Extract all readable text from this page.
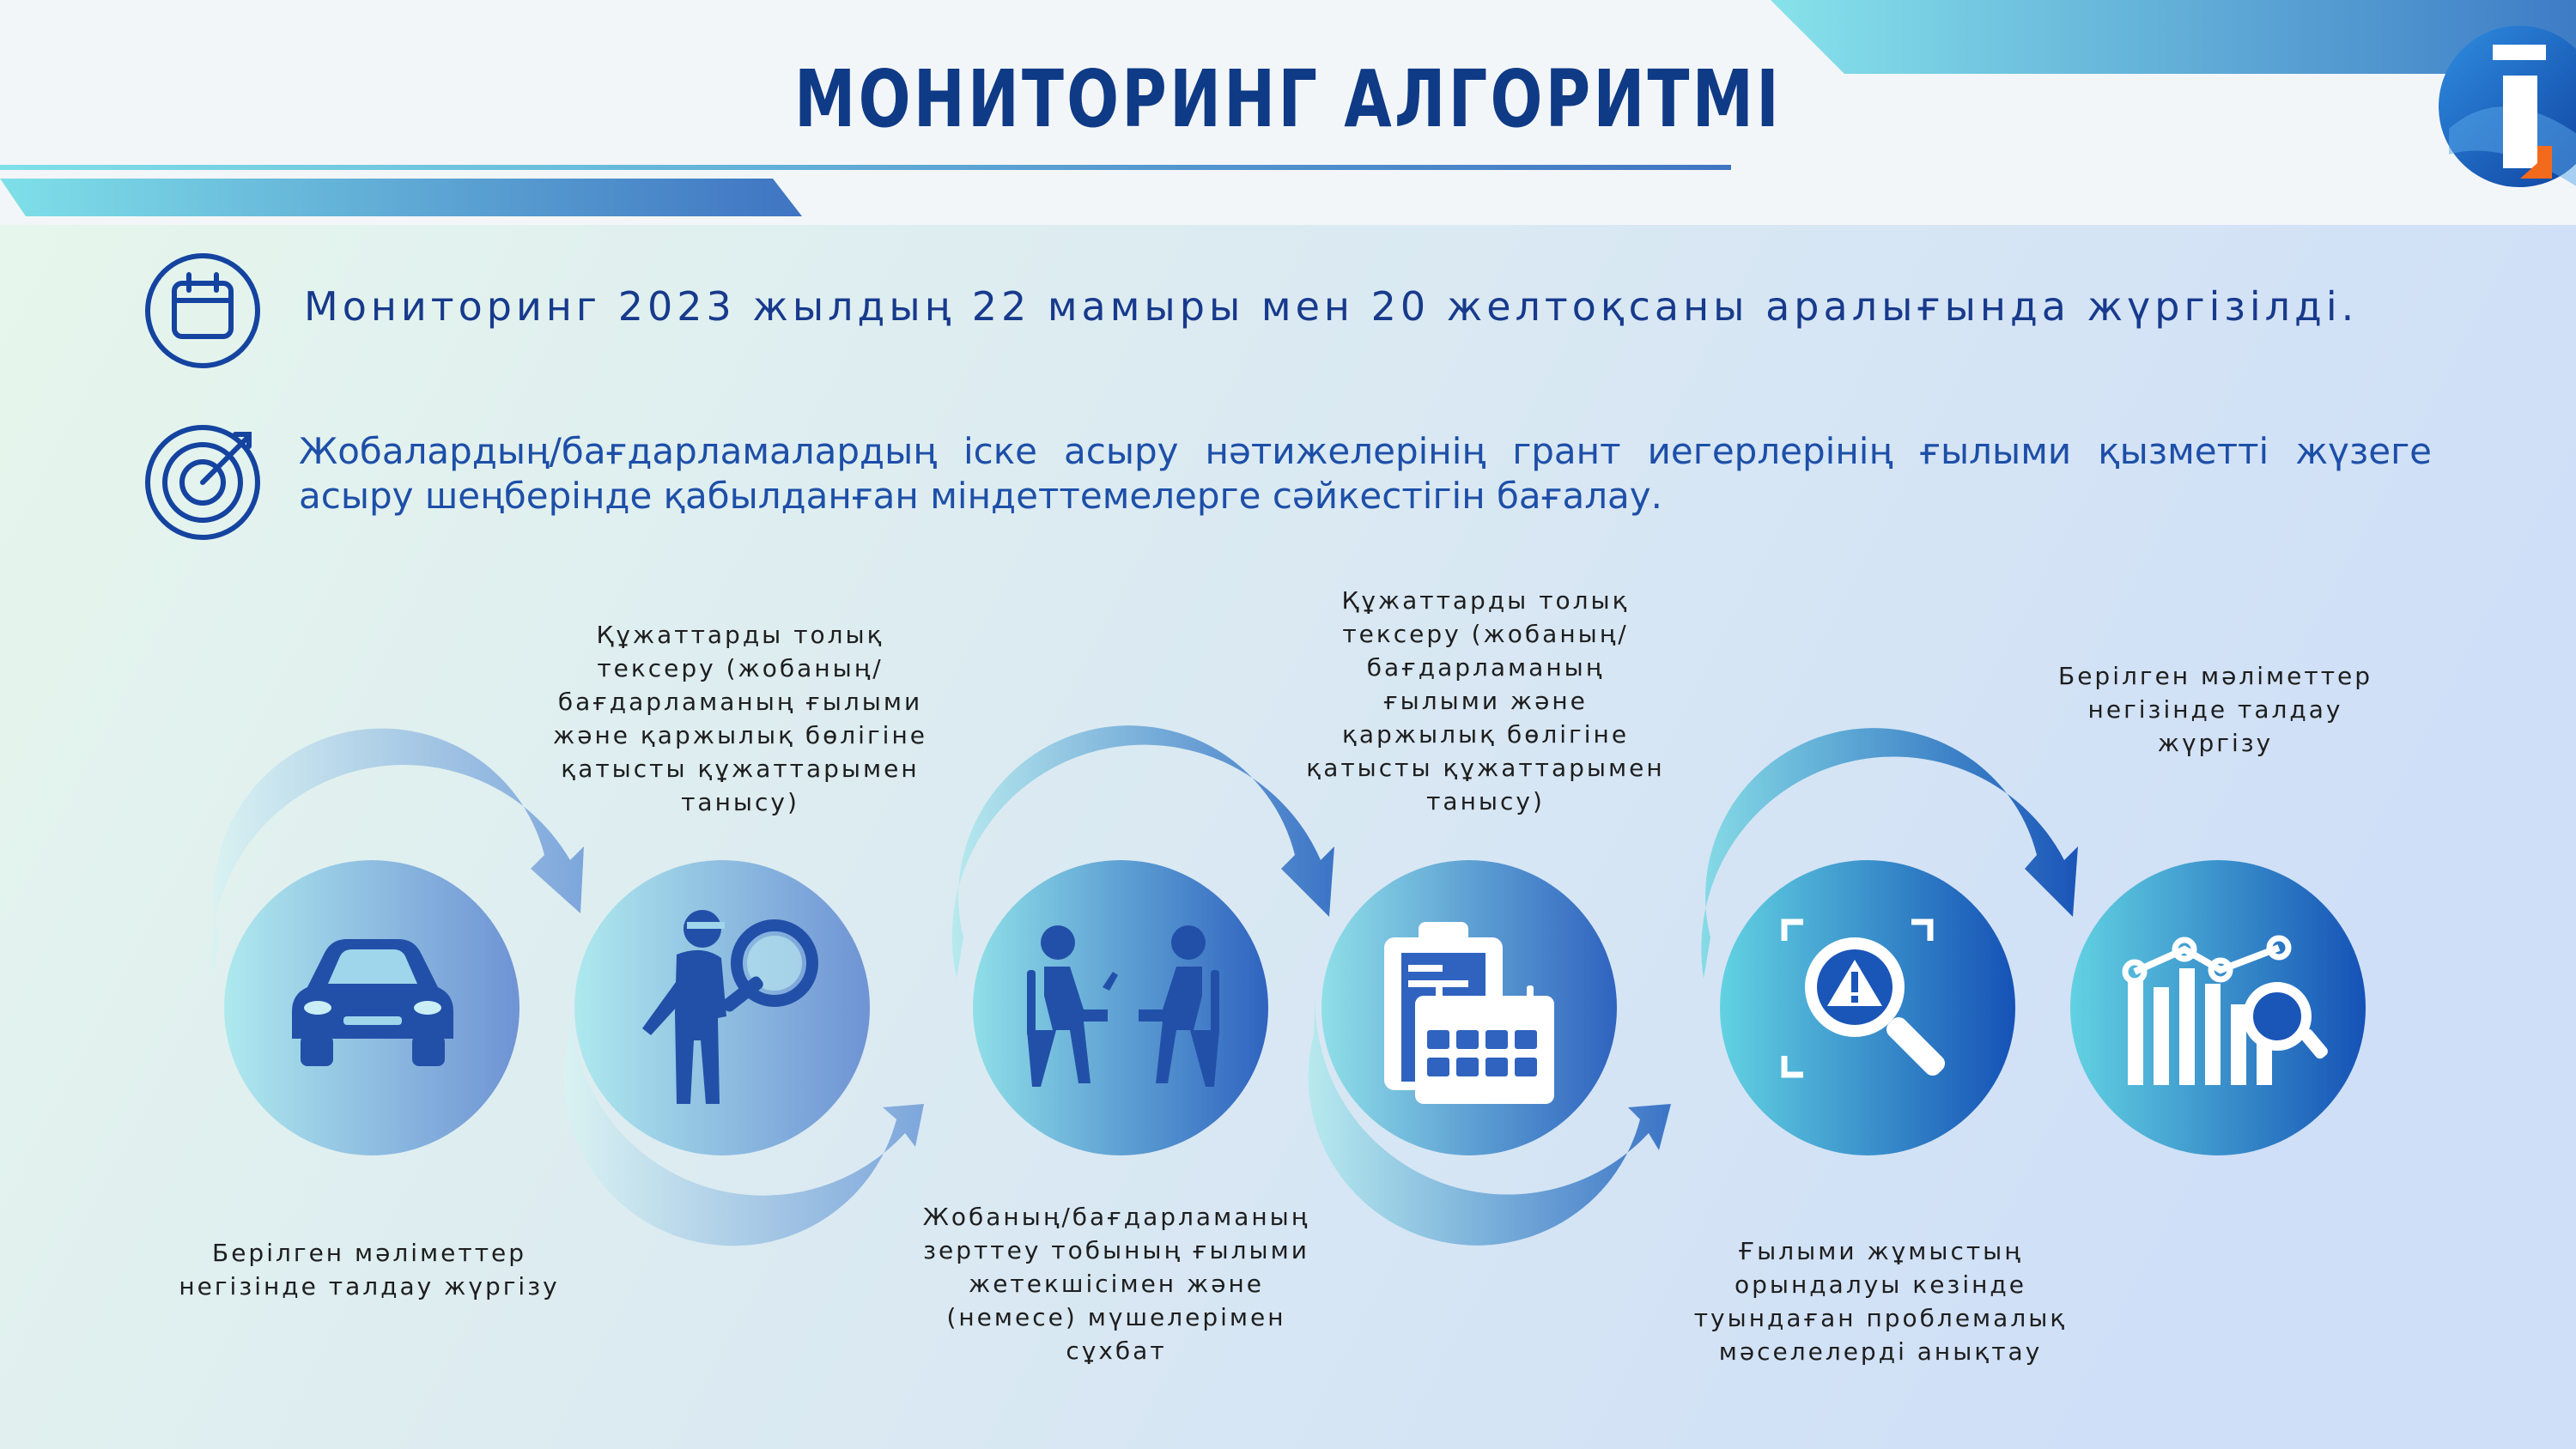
МОНИТОРИНГ АЛГОРИТМІ
Мониторинг 2023 жылдың 22 мамыры мен 20 желтоқсаны аралығында жүргізілді.
Жобалардың/бағдарламалардың іске асыру нәтижелерінің грант иегерлерінің ғылыми қызметті жүзеге асыру шеңберінде қабылданған міндеттемелерге сәйкестігін бағалау.
Берілген мәліметтер
негізінде талдау жүргізу
Құжаттарды толық
тексеру (жобаның/
бағдарламаның ғылыми
және қаржылық бөлігіне
қатысты құжаттарымен
танысу)
Жобаның/бағдарламаның
зерттеу тобының ғылыми
жетекшісімен және
(немесе) мүшелерімен
сұхбат
Құжаттарды толық
тексеру (жобаның/
бағдарламаның
ғылыми және
қаржылық бөлігіне
қатысты құжаттарымен
танысу)
Ғылыми жұмыстың
орындалуы кезінде
туындаған проблемалық
мәселелерді анықтау
Берілген мәліметтер
негізінде талдау
жүргізу
